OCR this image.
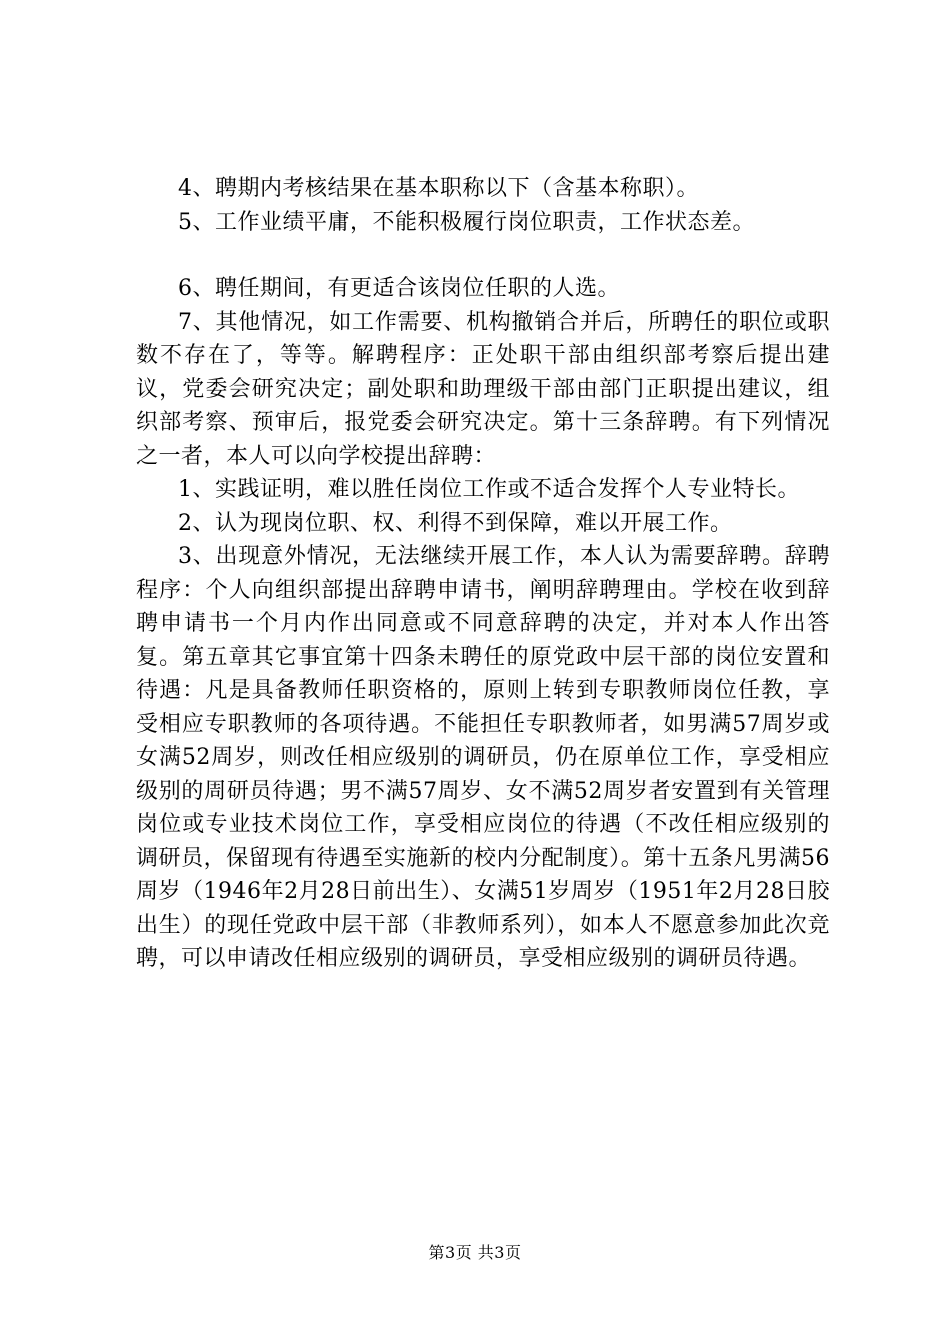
4、聘期内考核结果在基本职称以下（含基本称职）。

5、工作业绩平庸，不能积极履行岗位职责，工作状态差。

6、聘任期间，有更适合该岗位任职的人选。

7、其他情况，如工作需要、机构撤销合并后，所聘任的职位或职数不存在了，等等。解聘程序：正处职干部由组织部考察后提出建议，党委会研究决定；副处职和助理级干部由部门正职提出建议，组织部考察、预审后，报党委会研究决定。第十三条辞聘。有下列情况之一者，本人可以向学校提出辞聘：

1、实践证明，难以胜任岗位工作或不适合发挥个人专业特长。

2、认为现岗位职、权、利得不到保障，难以开展工作。

3、出现意外情况，无法继续开展工作，本人认为需要辞聘。辞聘程序：个人向组织部提出辞聘申请书，阐明辞聘理由。学校在收到辞聘申请书一个月内作出同意或不同意辞聘的决定，并对本人作出答复。第五章其它事宜第十四条未聘任的原党政中层干部的岗位安置和待遇：凡是具备教师任职资格的，原则上转到专职教师岗位任教，享受相应专职教师的各项待遇。不能担任专职教师者，如男满57周岁或女满52周岁，则改任相应级别的调研员，仍在原单位工作，享受相应级别的周研员待遇；男不满57周岁、女不满52周岁者安置到有关管理岗位或专业技术岗位工作，享受相应岗位的待遇（不改任相应级别的调研员，保留现有待遇至实施新的校内分配制度）。第十五条凡男满56周岁（1946年2月28日前出生）、女满51岁周岁（1951年2月28日胶出生）的现任党政中层干部（非教师系列），如本人不愿意参加此次竞聘，可以申请改任相应级别的调研员，享受相应级别的调研员待遇。

第3页 共3页
